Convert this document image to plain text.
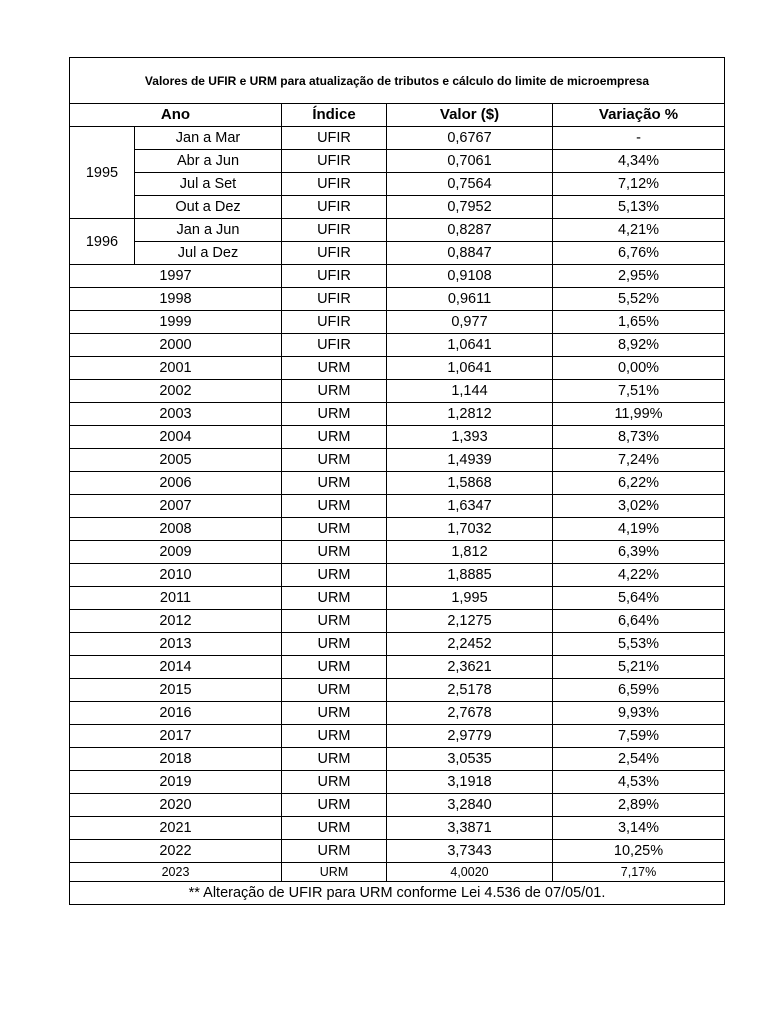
Valores de UFIR e URM para atualização de tributos e cálculo do limite de microempresa				
Ano		Índice	Valor ($)	Variação %
1995	Jan a Mar	UFIR	0,6767	-
	Abr a Jun	UFIR	0,7061	4,34%
	Jul a Set	UFIR	0,7564	7,12%
	Out a Dez	UFIR	0,7952	5,13%
1996	Jan a Jun	UFIR	0,8287	4,21%
	Jul a Dez	UFIR	0,8847	6,76%
1997		UFIR	0,9108	2,95%
1998		UFIR	0,9611	5,52%
1999		UFIR	0,977	1,65%
2000		UFIR	1,0641	8,92%
2001		URM	1,0641	0,00%
2002		URM	1,144	7,51%
2003		URM	1,2812	11,99%
2004		URM	1,393	8,73%
2005		URM	1,4939	7,24%
2006		URM	1,5868	6,22%
2007		URM	1,6347	3,02%
2008		URM	1,7032	4,19%
2009		URM	1,812	6,39%
2010		URM	1,8885	4,22%
2011		URM	1,995	5,64%
2012		URM	2,1275	6,64%
2013		URM	2,2452	5,53%
2014		URM	2,3621	5,21%
2015		URM	2,5178	6,59%
2016		URM	2,7678	9,93%
2017		URM	2,9779	7,59%
2018		URM	3,0535	2,54%
2019		URM	3,1918	4,53%
2020		URM	3,2840	2,89%
2021		URM	3,3871	3,14%
2022		URM	3,7343	10,25%
2023		URM	4,0020	7,17%
** Alteração de UFIR para URM conforme Lei 4.536 de 07/05/01.				
